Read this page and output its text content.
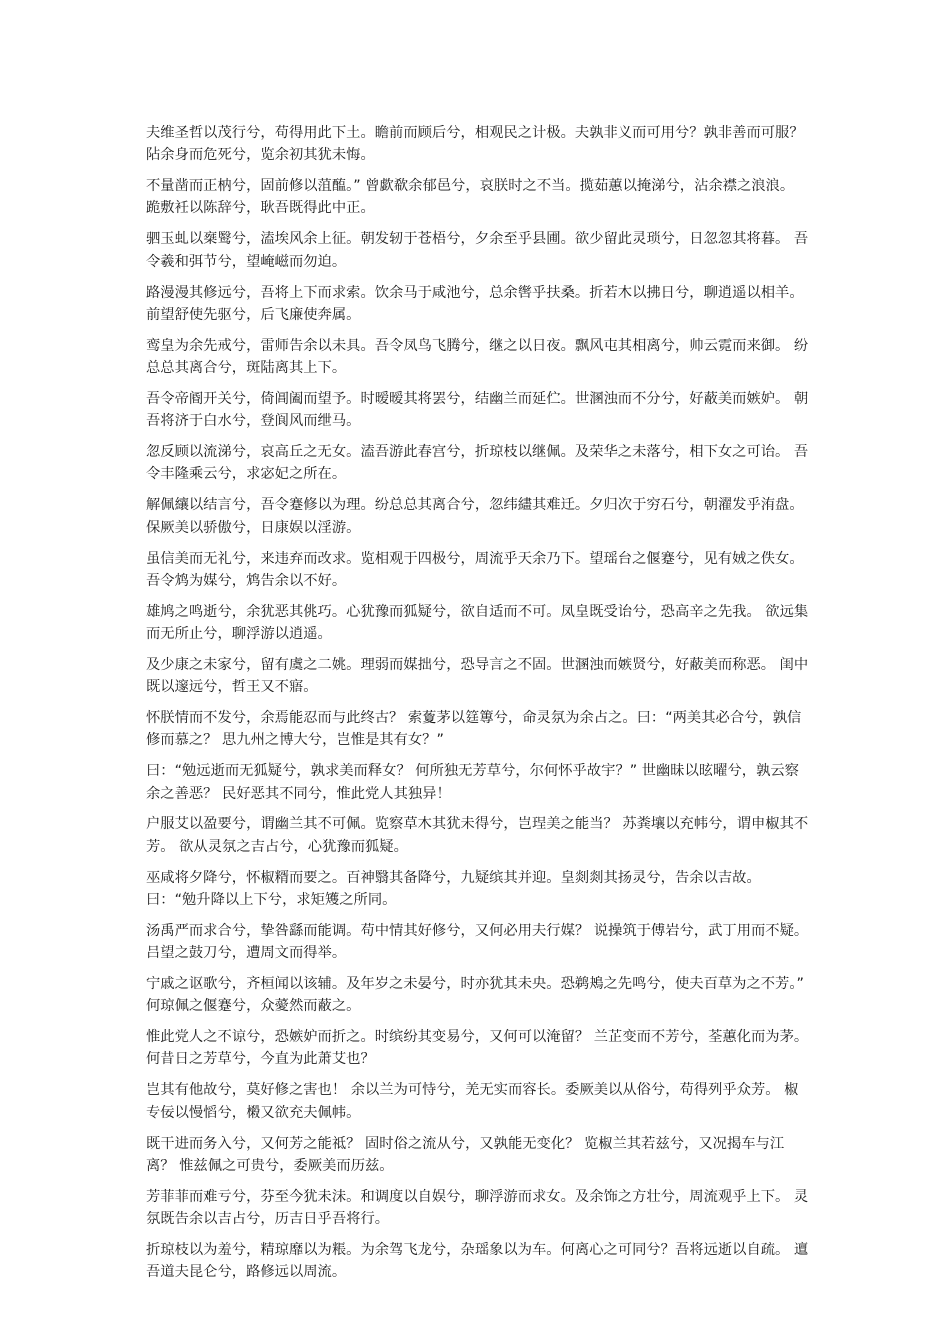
夫维圣哲以茂行兮，苟得用此下土。瞻前而顾后兮，相观民之计极。夫孰非义而可用兮？孰非善而可服？ 阽余身而危死兮，览余初其犹未悔。

不量凿而正枘兮，固前修以菹醢。” 曾歔欷余郁邑兮，哀朕时之不当。揽茹蕙以掩涕兮，沾余襟之浪浪。 跪敷衽以陈辞兮，耿吾既得此中正。

驷玉虬以椉鹥兮，溘埃风余上征。朝发轫于苍梧兮，夕余至乎县圃。欲少留此灵琐兮，日忽忽其将暮。 吾令羲和弭节兮，望崦嵫而勿迫。

路漫漫其修远兮，吾将上下而求索。饮余马于咸池兮，总余辔乎扶桑。折若木以拂日兮，聊逍遥以相羊。 前望舒使先驱兮，后飞廉使奔属。

鸾皇为余先戒兮，雷师告余以未具。吾令凤鸟飞腾兮，继之以日夜。飘风屯其相离兮，帅云霓而来御。 纷总总其离合兮，斑陆离其上下。

吾令帝阍开关兮，倚阊阖而望予。时暧暧其将罢兮，结幽兰而延伫。世溷浊而不分兮，好蔽美而嫉妒。 朝吾将济于白水兮，登阆风而绁马。

忽反顾以流涕兮，哀高丘之无女。溘吾游此春宫兮，折琼枝以继佩。及荣华之未落兮，相下女之可诒。 吾令丰隆乘云兮，求宓妃之所在。

解佩纕以结言兮，吾令蹇修以为理。纷总总其离合兮，忽纬繣其难迁。夕归次于穷石兮，朝濯发乎洧盘。 保厥美以骄傲兮，日康娱以淫游。

虽信美而无礼兮，来违弃而改求。览相观于四极兮，周流乎天余乃下。望瑶台之偃蹇兮，见有娀之佚女。 吾令鸩为媒兮，鸩告余以不好。

雄鸠之鸣逝兮，余犹恶其佻巧。心犹豫而狐疑兮，欲自适而不可。凤皇既受诒兮，恐高辛之先我。 欲远集而无所止兮，聊浮游以逍遥。

及少康之未家兮，留有虞之二姚。理弱而媒拙兮，恐导言之不固。世溷浊而嫉贤兮，好蔽美而称恶。 闺中既以邃远兮，哲王又不寤。

怀朕情而不发兮，余焉能忍而与此终古？ 索藑茅以筳篿兮，命灵氛为余占之。曰：“两美其必合兮，孰信修而慕之？ 思九州之博大兮，岂惟是其有女？”

曰：“勉远逝而无狐疑兮，孰求美而释女？ 何所独无芳草兮，尔何怀乎故宇？” 世幽昧以昡曜兮，孰云察余之善恶？ 民好恶其不同兮，惟此党人其独异！

户服艾以盈要兮，谓幽兰其不可佩。览察草木其犹未得兮，岂珵美之能当？ 苏粪壤以充帏兮，谓申椒其不芳。 欲从灵氛之吉占兮，心犹豫而狐疑。

巫咸将夕降兮，怀椒糈而要之。百神翳其备降兮，九疑缤其并迎。皇剡剡其扬灵兮，告余以吉故。 曰：“勉升降以上下兮，求矩矱之所同。

汤禹严而求合兮，挚咎繇而能调。苟中情其好修兮，又何必用夫行媒？ 说操筑于傅岩兮，武丁用而不疑。 吕望之鼓刀兮，遭周文而得举。

宁戚之讴歌兮，齐桓闻以该辅。及年岁之未晏兮，时亦犹其未央。恐鹈鴂之先鸣兮，使夫百草为之不芳。” 何琼佩之偃蹇兮，众薆然而蔽之。

惟此党人之不谅兮，恐嫉妒而折之。时缤纷其变易兮，又何可以淹留？ 兰芷变而不芳兮，荃蕙化而为茅。 何昔日之芳草兮，今直为此萧艾也？

岂其有他故兮，莫好修之害也！ 余以兰为可恃兮，羌无实而容长。委厥美以从俗兮，苟得列乎众芳。 椒专佞以慢慆兮，樧又欲充夫佩帏。

既干进而务入兮，又何芳之能祗？ 固时俗之流从兮，又孰能无变化？ 览椒兰其若兹兮，又况揭车与江离？ 惟兹佩之可贵兮，委厥美而历兹。

芳菲菲而难亏兮，芬至今犹未沬。和调度以自娱兮，聊浮游而求女。及余饰之方壮兮，周流观乎上下。 灵氛既告余以吉占兮，历吉日乎吾将行。

折琼枝以为羞兮，精琼靡以为粻。为余驾飞龙兮，杂瑶象以为车。何离心之可同兮？吾将远逝以自疏。 邅吾道夫昆仑兮，路修远以周流。
